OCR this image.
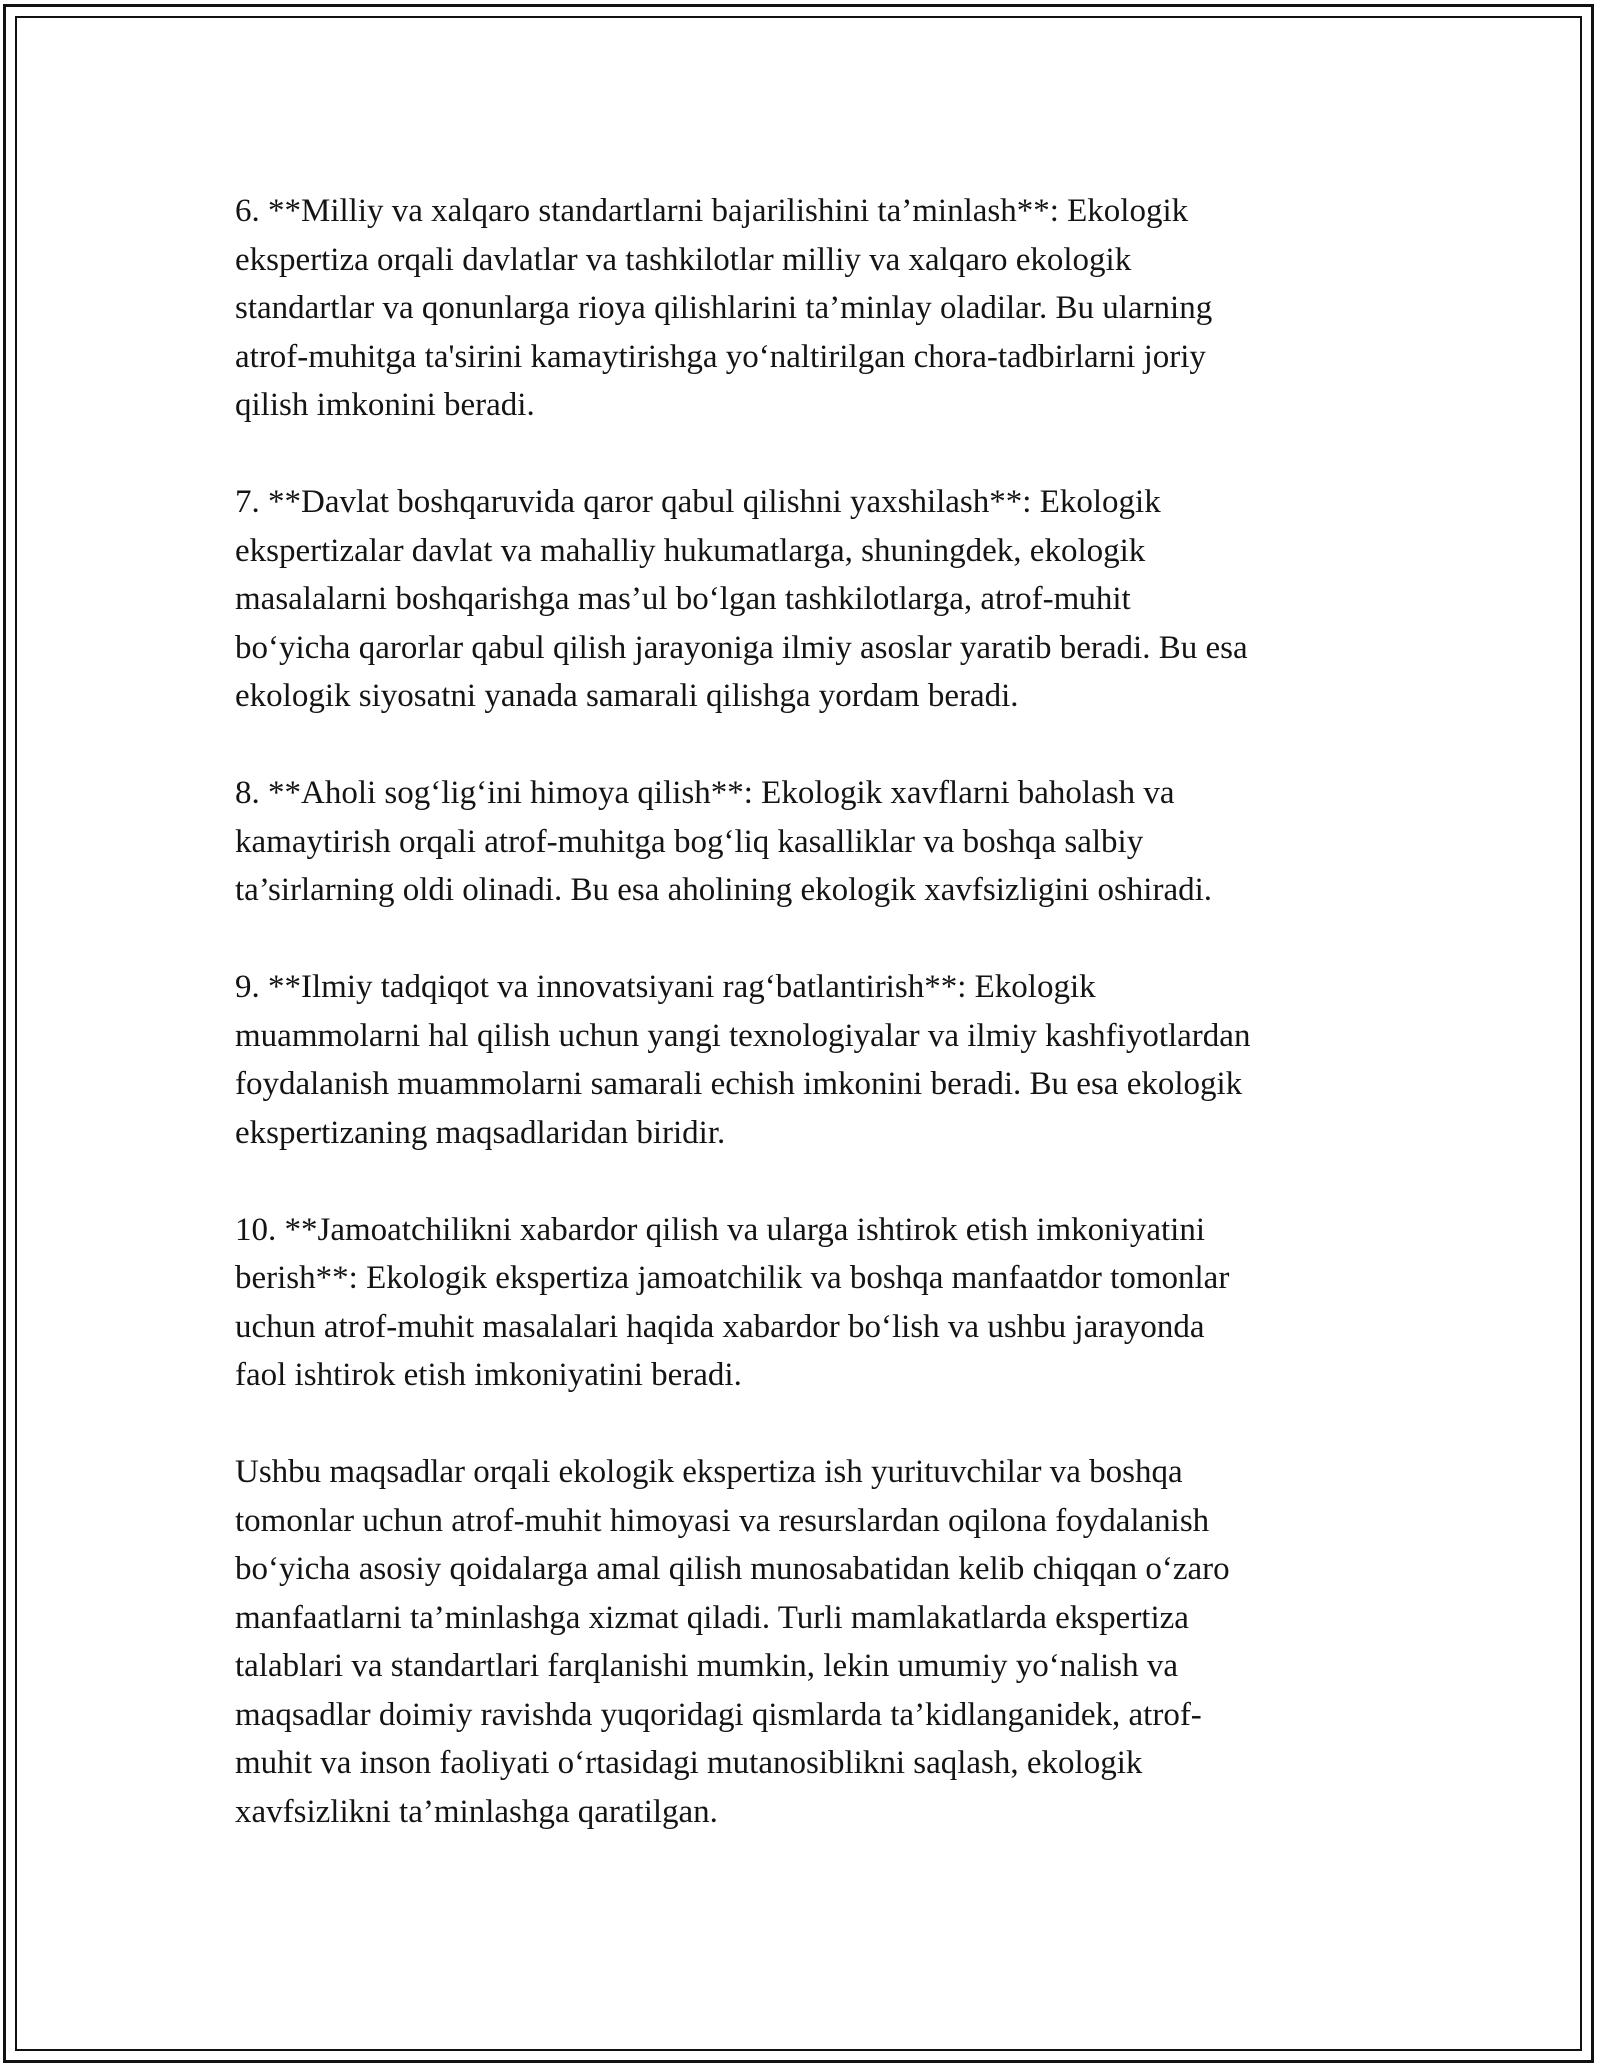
6. **Milliy va xalqaro standartlarni bajarilishini ta’minlash**: Ekologik
ekspertiza orqali davlatlar va tashkilotlar milliy va xalqaro ekologik
standartlar va qonunlarga rioya qilishlarini ta’minlay oladilar. Bu ularning
atrof-muhitga ta'sirini kamaytirishga yo‘naltirilgan chora-tadbirlarni joriy
qilish imkonini beradi.

7. **Davlat boshqaruvida qaror qabul qilishni yaxshilash**: Ekologik
ekspertizalar davlat va mahalliy hukumatlarga, shuningdek, ekologik
masalalarni boshqarishga mas’ul bo‘lgan tashkilotlarga, atrof-muhit
bo‘yicha qarorlar qabul qilish jarayoniga ilmiy asoslar yaratib beradi. Bu esa
ekologik siyosatni yanada samarali qilishga yordam beradi.

8. **Aholi sog‘lig‘ini himoya qilish**: Ekologik xavflarni baholash va
kamaytirish orqali atrof-muhitga bog‘liq kasalliklar va boshqa salbiy
ta’sirlarning oldi olinadi. Bu esa aholining ekologik xavfsizligini oshiradi.

9. **Ilmiy tadqiqot va innovatsiyani rag‘batlantirish**: Ekologik
muammolarni hal qilish uchun yangi texnologiyalar va ilmiy kashfiyotlardan
foydalanish muammolarni samarali echish imkonini beradi. Bu esa ekologik
ekspertizaning maqsadlaridan biridir.

10. **Jamoatchilikni xabardor qilish va ularga ishtirok etish imkoniyatini
berish**: Ekologik ekspertiza jamoatchilik va boshqa manfaatdor tomonlar
uchun atrof-muhit masalalari haqida xabardor bo‘lish va ushbu jarayonda
faol ishtirok etish imkoniyatini beradi.

Ushbu maqsadlar orqali ekologik ekspertiza ish yurituvchilar va boshqa
tomonlar uchun atrof-muhit himoyasi va resurslardan oqilona foydalanish
bo‘yicha asosiy qoidalarga amal qilish munosabatidan kelib chiqqan o‘zaro
manfaatlarni ta’minlashga xizmat qiladi. Turli mamlakatlarda ekspertiza
talablari va standartlari farqlanishi mumkin, lekin umumiy yo‘nalish va
maqsadlar doimiy ravishda yuqoridagi qismlarda ta’kidlanganidek, atrof-
muhit va inson faoliyati o‘rtasidagi mutanosiblikni saqlash, ekologik
xavfsizlikni ta’minlashga qaratilgan.
